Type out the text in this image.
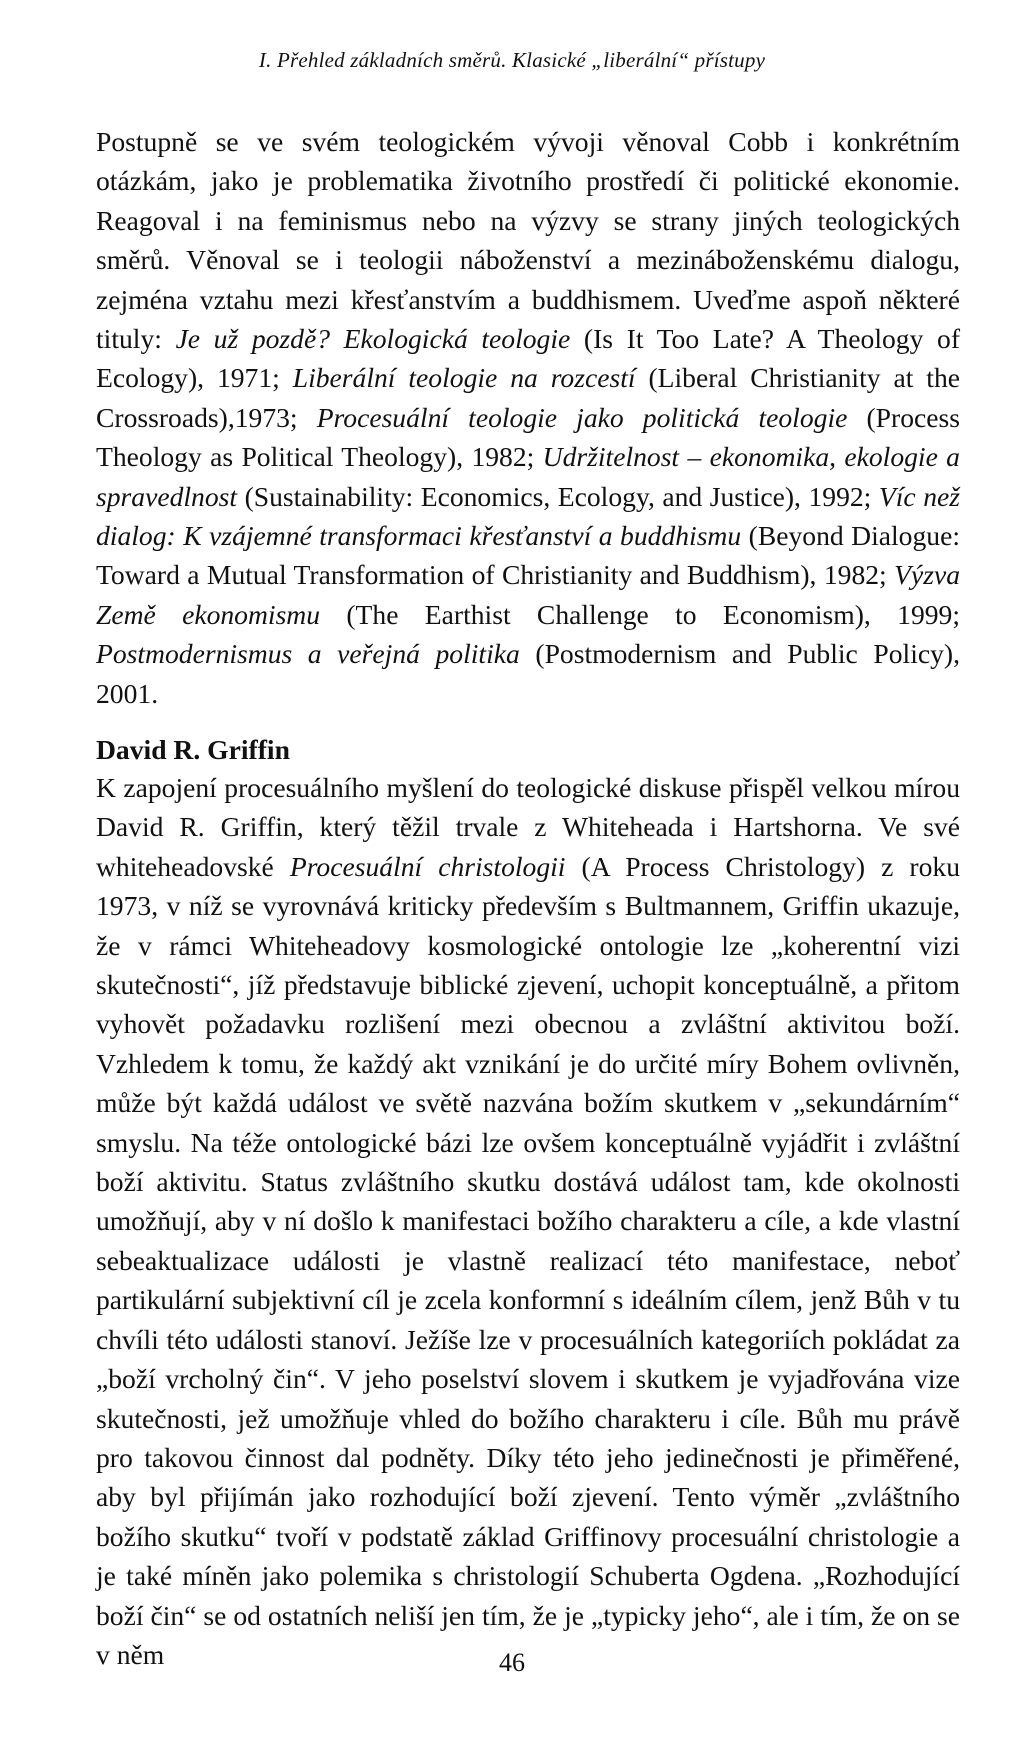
I. Přehled základních směrů. Klasické „liberální“ přístupy

Postupně se ve svém teologickém vývoji věnoval Cobb i konkrétním otázkám, jako je problematika životního prostředí či politické ekonomie. Reagoval i na feminismus nebo na výzvy se strany jiných teologických směrů. Věnoval se i teologii náboženství a mezináboženskému dialogu, zejména vztahu mezi křesťanstvím a buddhismem. Uveďme aspoň některé tituly: Je už pozdě? Ekologická teologie (Is It Too Late? A Theology of Ecology), 1971; Liberální teologie na rozcestí (Liberal Christianity at the Crossroads),1973; Procesuální teologie jako politická teologie (Process Theology as Political Theology), 1982; Udržitelnost – ekonomika, ekologie a spravedlnost (Sustainability: Economics, Ecology, and Justice), 1992; Víc než dialog: K vzájemné transformaci křesťanství a buddhismu (Beyond Dialogue: Toward a Mutual Transformation of Christianity and Buddhism), 1982; Výzva Země ekonomismu (The Earthist Challenge to Economism), 1999; Postmodernismus a veřejná politika (Postmodernism and Public Policy), 2001.

David R. Griffin

K zapojení procesuálního myšlení do teologické diskuse přispěl velkou mírou David R. Griffin, který těžil trvale z Whiteheada i Hartshorna. Ve své whiteheadovské Procesuální christologii (A Process Christology) z roku 1973, v níž se vyrovnává kriticky především s Bultmannem, Griffin ukazuje, že v rámci Whiteheadovy kosmologické ontologie lze „koherentní vizi skutečnosti“, jíž představuje biblické zjevení, uchopit konceptuálně, a přitom vyhovět požadavku rozlišení mezi obecnou a zvláštní aktivitou boží. Vzhledem k tomu, že každý akt vznikání je do určité míry Bohem ovlivněn, může být každá událost ve světě nazvána božím skutkem v „sekundárním“ smyslu. Na téže ontologické bázi lze ovšem konceptuálně vyjádřit i zvláštní boží aktivitu. Status zvláštního skutku dostává událost tam, kde okolnosti umožňují, aby v ní došlo k manifestaci božího charakteru a cíle, a kde vlastní sebeaktualizace události je vlastně realizací této manifestace, neboť partikulární subjektivní cíl je zcela konformní s ideálním cílem, jenž Bůh v tu chvíli této události stanoví. Ježíše lze v procesuálních kategoriích pokládat za „boží vrcholný čin“. V jeho poselství slovem i skutkem je vyjadřována vize skutečnosti, jež umožňuje vhled do božího charakteru i cíle. Bůh mu právě pro takovou činnost dal podněty. Díky této jeho jedinečnosti je přiměřené, aby byl přijímán jako rozhodující boží zjevení. Tento výměr „zvláštního božího skutku“ tvoří v podstatě základ Griffinovy procesuální christologie a je také míněn jako polemika s christologií Schuberta Ogdena. „Rozhodující boží čin“ se od ostatních neliší jen tím, že je „typicky jeho“, ale i tím, že on se v něm	46
